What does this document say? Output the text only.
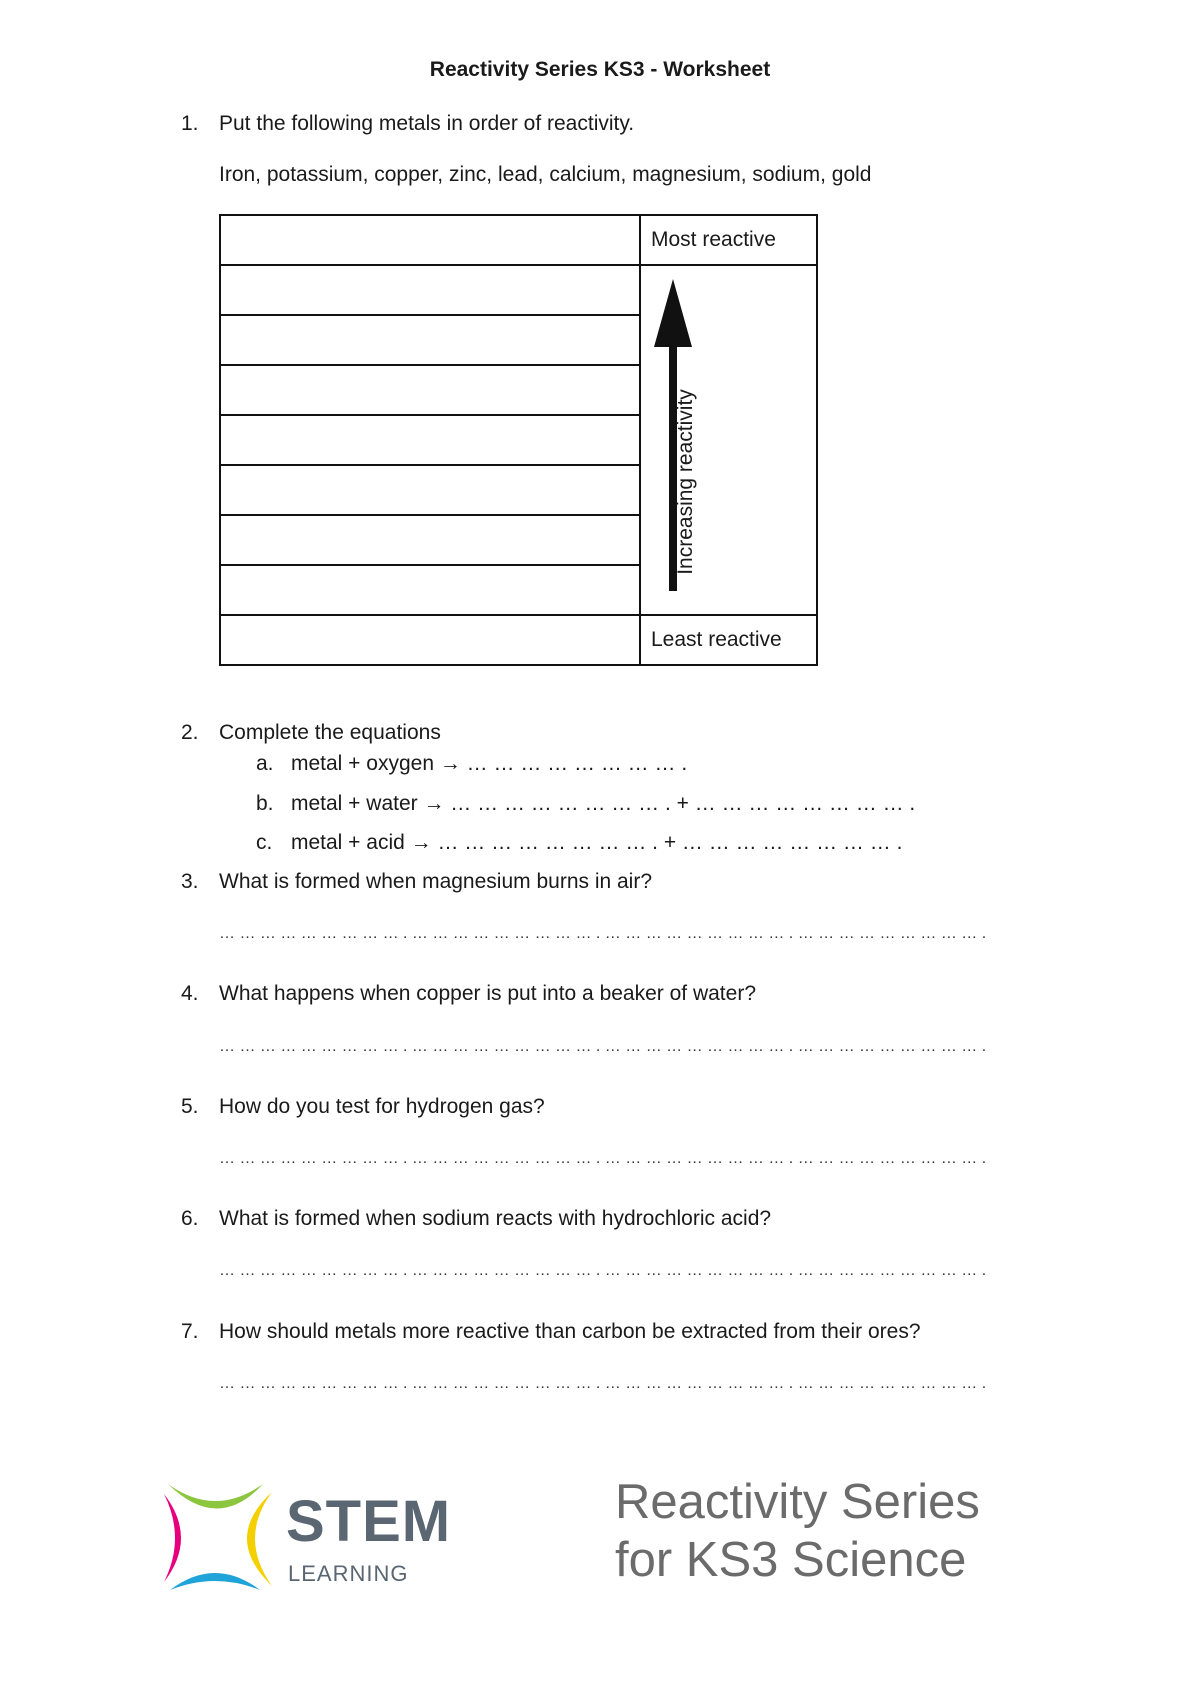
Reactivity Series KS3 - Worksheet
1. Put the following metals in order of reactivity.
Iron, potassium, copper, zinc, lead, calcium, magnesium, sodium, gold
Most reactive
Least reactive
Increasing reactivity
2. Complete the equations
a. metal + oxygen → … … … … … … … … .
b. metal + water → … … … … … … … … . + … … … … … … … … .
c. metal + acid → … … … … … … … … . + … … … … … … … … .
3. What is formed when magnesium burns in air?
… … … … … … … … … . … … … … … … … … … . … … … … … … … … … . … … … … … … … … … .
4. What happens when copper is put into a beaker of water?
… … … … … … … … … . … … … … … … … … … . … … … … … … … … … . … … … … … … … … … .
5. How do you test for hydrogen gas?
… … … … … … … … … . … … … … … … … … … . … … … … … … … … … . … … … … … … … … … .
6. What is formed when sodium reacts with hydrochloric acid?
… … … … … … … … … . … … … … … … … … … . … … … … … … … … … . … … … … … … … … … .
7. How should metals more reactive than carbon be extracted from their ores?
… … … … … … … … … . … … … … … … … … … . … … … … … … … … … . … … … … … … … … … .
STEM
LEARNING
Reactivity Series
for KS3 Science
